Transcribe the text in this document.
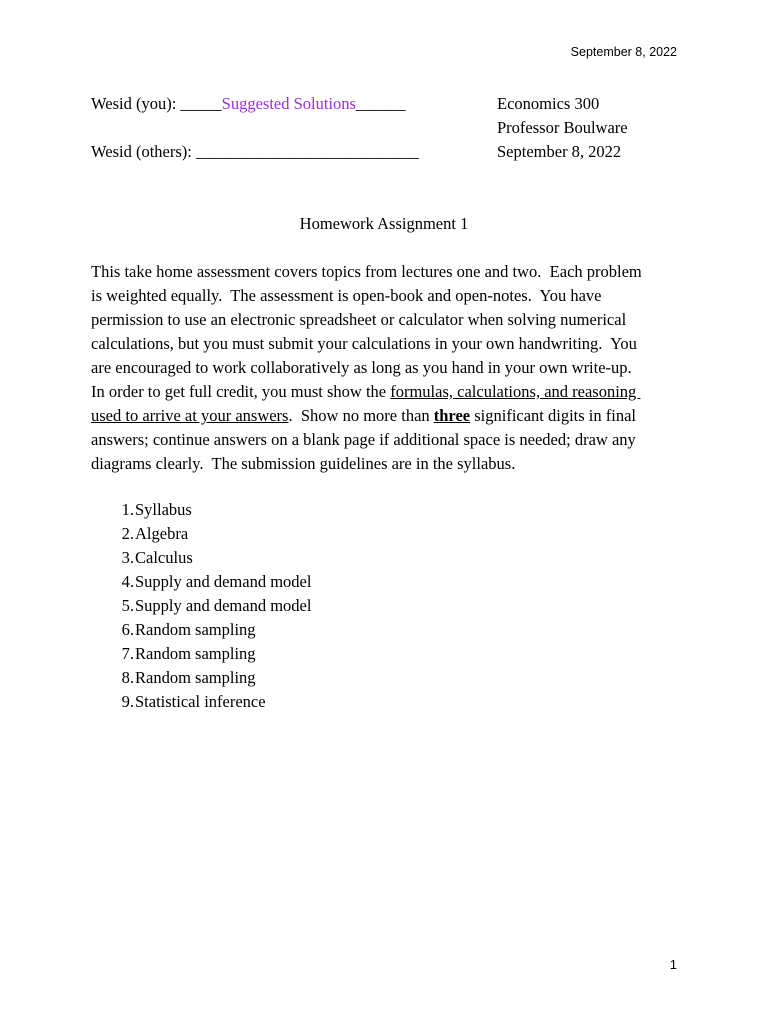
September 8, 2022
Wesid (you): _____Suggested Solutions______
Wesid (others): ___________________________
Economics 300
Professor Boulware
September 8, 2022
Homework Assignment 1
This take home assessment covers topics from lectures one and two.  Each problem
is weighted equally.  The assessment is open-book and open-notes.  You have
permission to use an electronic spreadsheet or calculator when solving numerical
calculations, but you must submit your calculations in your own handwriting.  You
are encouraged to work collaboratively as long as you hand in your own write-up.
In order to get full credit, you must show the formulas, calculations, and reasoning
used to arrive at your answers.  Show no more than three significant digits in final
answers; continue answers on a blank page if additional space is needed; draw any
diagrams clearly.  The submission guidelines are in the syllabus.
1 . Syllabus
2 . Algebra
3 . Calculus
4 . Supply and demand model
5 . Supply and demand model
6 . Random sampling
7 . Random sampling
8 . Random sampling
9 . Statistical inference
1
